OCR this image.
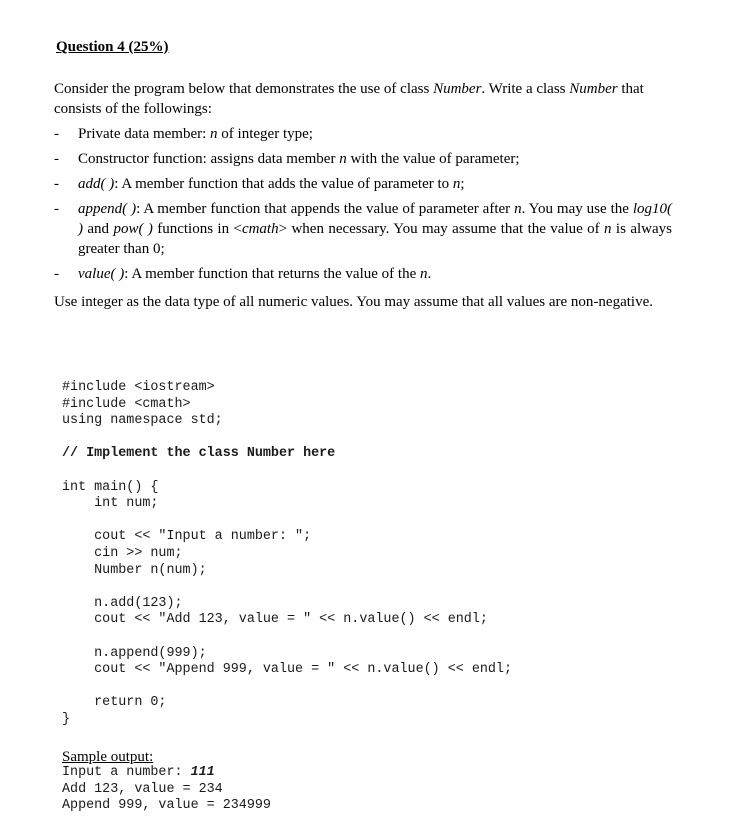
Question 4 (25%)
Consider the program below that demonstrates the use of class Number. Write a class Number that consists of the followings:
- Private data member: n of integer type;
- Constructor function: assigns data member n with the value of parameter;
- add( ): A member function that adds the value of parameter to n;
- append( ): A member function that appends the value of parameter after n. You may use the log10( ) and pow( ) functions in <cmath> when necessary. You may assume that the value of n is always greater than 0;
- value( ): A member function that returns the value of the n.
Use integer as the data type of all numeric values. You may assume that all values are non-negative.
#include <iostream>
#include <cmath>
using namespace std;
// Implement the class Number here
int main() {
int num;
cout << "Input a number: ";
cin >> num;
Number n(num);
n.add(123);
cout << "Add 123, value = " << n.value() << endl;
n.append(999);
cout << "Append 999, value = " << n.value() << endl;
return 0;
}
Sample output:
Input a number: 111
Add 123, value = 234
Append 999, value = 234999
